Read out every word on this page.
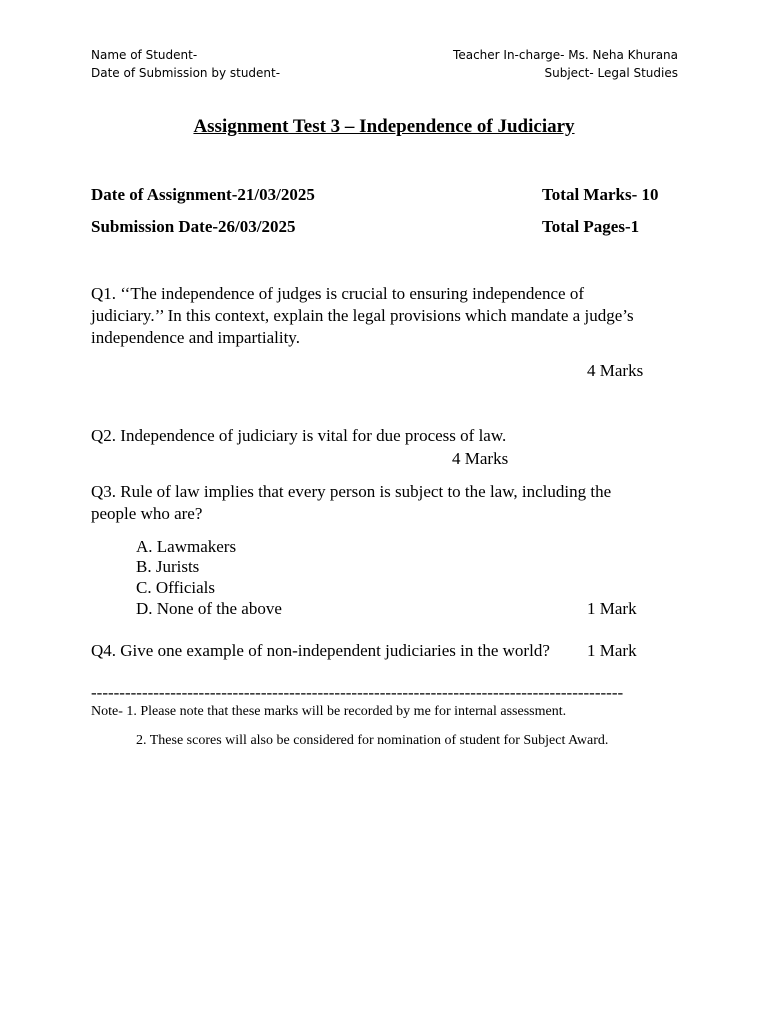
Name of Student-
Date of Submission by student-
Teacher In-charge- Ms. Neha Khurana
Subject- Legal Studies
Assignment Test 3 – Independence of Judiciary
Date of Assignment-21/03/2025	Total Marks- 10
Submission Date-26/03/2025	Total Pages-1
Q1. ‘‘The independence of judges is crucial to ensuring independence of
judiciary.’’ In this context, explain the legal provisions which mandate a judge’s
independence and impartiality.
4 Marks
Q2. Independence of judiciary is vital for due process of law.
4 Marks
Q3. Rule of law implies that every person is subject to the law, including the
people who are?
A. Lawmakers
B. Jurists
C. Officials
D. None of the above	1 Mark
Q4. Give one example of non-independent judiciaries in the world? 1 Mark
----------------------------------------------------------------------------------------------
Note- 1. Please note that these marks will be recorded by me for internal assessment.
2. These scores will also be considered for nomination of student for Subject Award.
